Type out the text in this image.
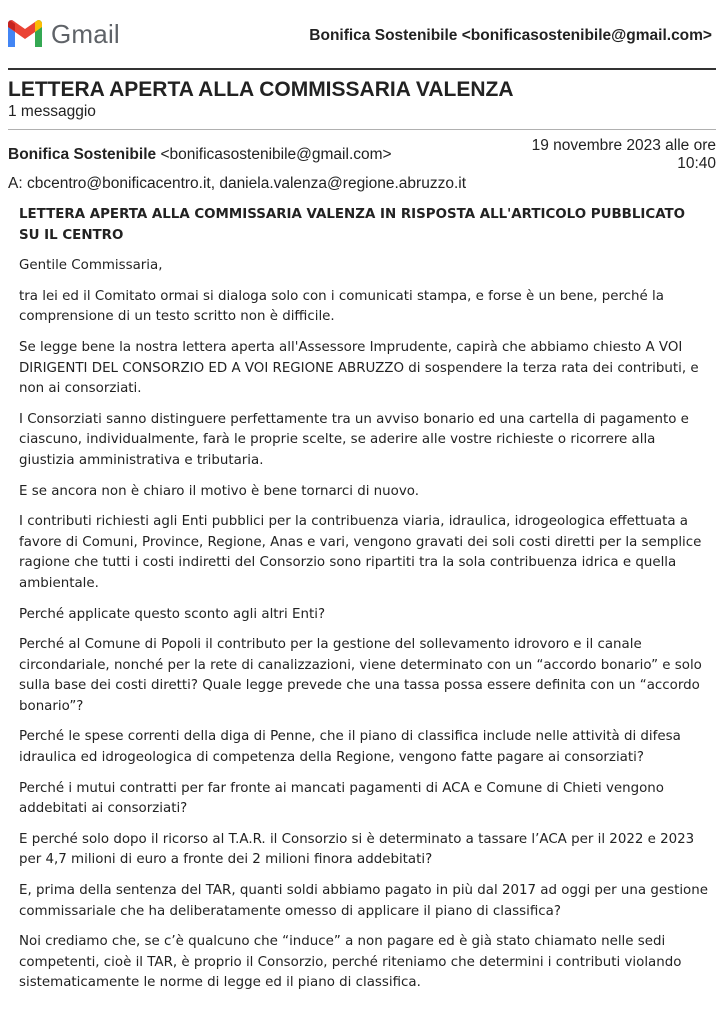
Gmail	Bonifica Sostenibile <bonificasostenibile@gmail.com>
LETTERA APERTA ALLA COMMISSARIA VALENZA
1 messaggio
Bonifica Sostenibile <bonificasostenibile@gmail.com>
19 novembre 2023 alle ore
10:40
A: cbcentro@bonificacentro.it, daniela.valenza@regione.abruzzo.it

LETTERA APERTA ALLA COMMISSARIA VALENZA IN RISPOSTA ALL'ARTICOLO PUBBLICATO SU IL CENTRO

Gentile Commissaria,

tra lei ed il Comitato ormai si dialoga solo con i comunicati stampa, e forse è un bene, perché la comprensione di un testo scritto non è difficile.

Se legge bene la nostra lettera aperta all'Assessore Imprudente, capirà che abbiamo chiesto A VOI DIRIGENTI DEL CONSORZIO ED A VOI REGIONE ABRUZZO di sospendere la terza rata dei contributi, e non ai consorziati.

I Consorziati sanno distinguere perfettamente tra un avviso bonario ed una cartella di pagamento e ciascuno, individualmente, farà le proprie scelte, se aderire alle vostre richieste o ricorrere alla giustizia amministrativa e tributaria.

E se ancora non è chiaro il motivo è bene tornarci di nuovo.

I contributi richiesti agli Enti pubblici per la contribuenza viaria, idraulica, idrogeologica effettuata a favore di Comuni, Province, Regione, Anas e vari, vengono gravati dei soli costi diretti per la semplice ragione che tutti i costi indiretti del Consorzio sono ripartiti tra la sola contribuenza idrica e quella ambientale.

Perché applicate questo sconto agli altri Enti?

Perché al Comune di Popoli il contributo per la gestione del sollevamento idrovoro e il canale circondariale, nonché per la rete di canalizzazioni, viene determinato con un “accordo bonario” e solo sulla base dei costi diretti? Quale legge prevede che una tassa possa essere definita con un “accordo bonario”?

Perché le spese correnti della diga di Penne, che il piano di classifica include nelle attività di difesa idraulica ed idrogeologica di competenza della Regione, vengono fatte pagare ai consorziati?

Perché i mutui contratti per far fronte ai mancati pagamenti di ACA e Comune di Chieti vengono addebitati ai consorziati?

E perché solo dopo il ricorso al T.A.R. il Consorzio si è determinato a tassare l’ACA per il 2022 e 2023 per 4,7 milioni di euro a fronte dei 2 milioni finora addebitati?

E, prima della sentenza del TAR, quanti soldi abbiamo pagato in più dal 2017 ad oggi per una gestione commissariale che ha deliberatamente omesso di applicare il piano di classifica?

Noi crediamo che, se c’è qualcuno che “induce” a non pagare ed è già stato chiamato nelle sedi competenti, cioè il TAR, è proprio il Consorzio, perché riteniamo che determini i contributi violando sistematicamente le norme di legge ed il piano di classifica.
